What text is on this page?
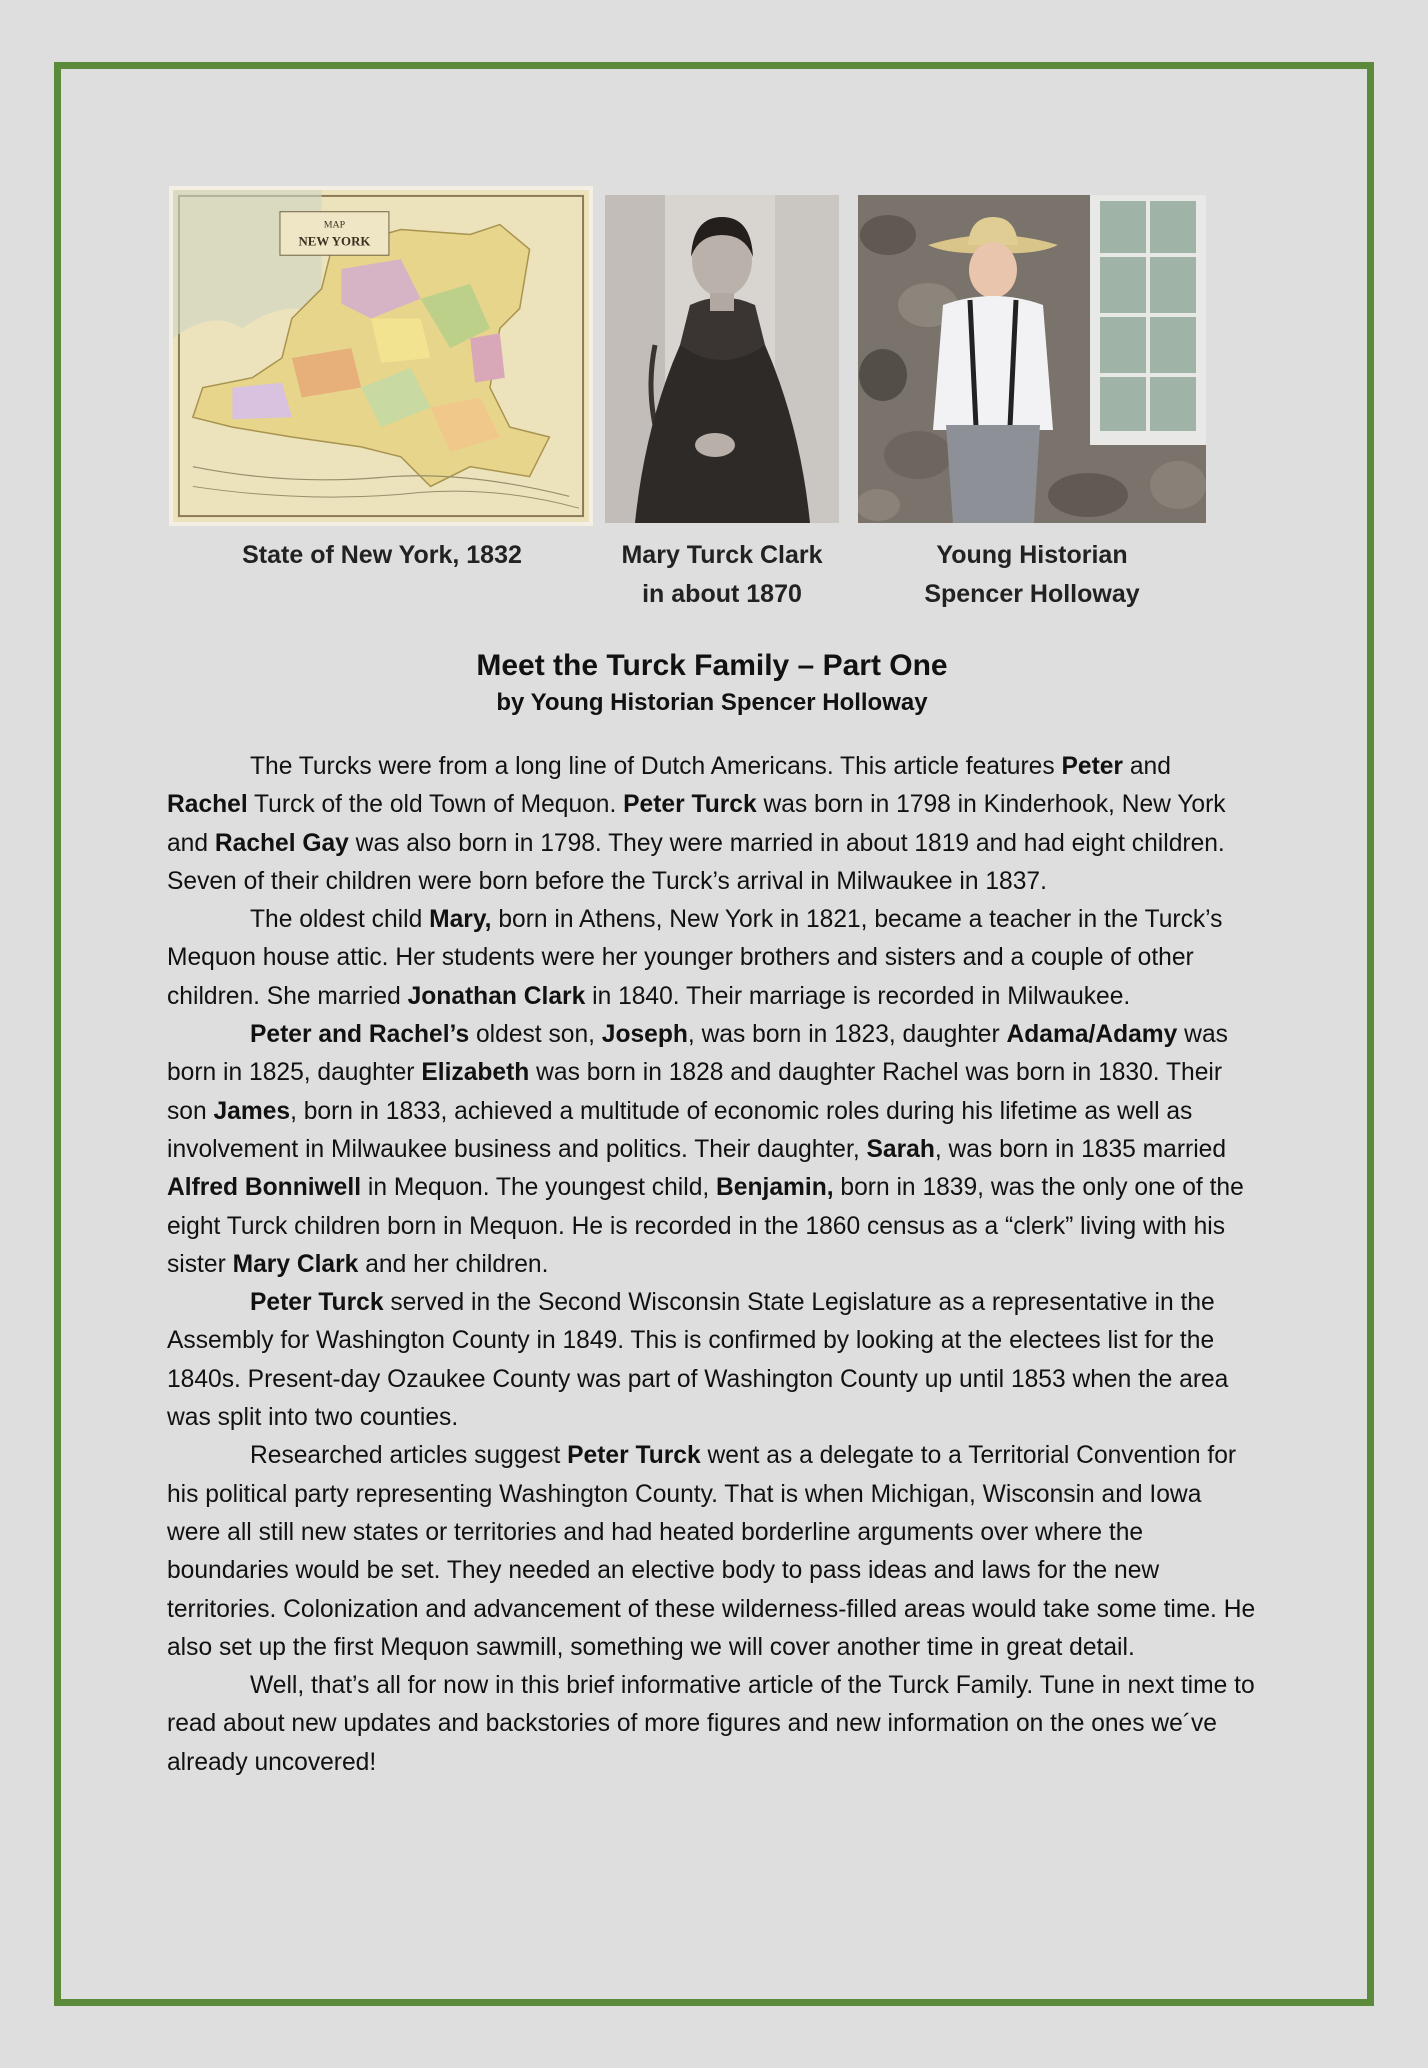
MAP
NEW YORK
State of New York, 1832	Mary Turck Clark
in about 1870
Young Historian
Spencer Holloway
Meet the Turck Family – Part One
by Young Historian Spencer Holloway

The Turcks were from a long line of Dutch Americans. This article features Peter and Rachel Turck of the old Town of Mequon. Peter Turck was born in 1798 in Kinderhook, New York and Rachel Gay was also born in 1798. They were married in about 1819 and had eight children. Seven of their children were born before the Turck’s arrival in Milwaukee in 1837.

The oldest child Mary, born in Athens, New York in 1821, became a teacher in the Turck’s Mequon house attic. Her students were her younger brothers and sisters and a couple of other children. She married Jonathan Clark in 1840. Their marriage is recorded in Milwaukee.

Peter and Rachel’s oldest son, Joseph, was born in 1823, daughter Adama/Adamy was born in 1825, daughter Elizabeth was born in 1828 and daughter Rachel was born in 1830. Their son James, born in 1833, achieved a multitude of economic roles during his lifetime as well as involvement in Milwaukee business and politics. Their daughter, Sarah, was born in 1835 married Alfred Bonniwell in Mequon. The youngest child, Benjamin, born in 1839, was the only one of the eight Turck children born in Mequon. He is recorded in the 1860 census as a “clerk” living with his sister Mary Clark and her children.

Peter Turck served in the Second Wisconsin State Legislature as a representative in the Assembly for Washington County in 1849. This is confirmed by looking at the electees list for the 1840s. Present-day Ozaukee County was part of Washington County up until 1853 when the area was split into two counties.

Researched articles suggest Peter Turck went as a delegate to a Territorial Convention for his political party representing Washington County. That is when Michigan, Wisconsin and Iowa were all still new states or territories and had heated borderline arguments over where the boundaries would be set. They needed an elective body to pass ideas and laws for the new territories. Colonization and advancement of these wilderness-filled areas would take some time. He also set up the first Mequon sawmill, something we will cover another time in great detail.

Well, that’s all for now in this brief informative article of the Turck Family. Tune in next time to read about new updates and backstories of more figures and new information on the ones we´ve already uncovered!
